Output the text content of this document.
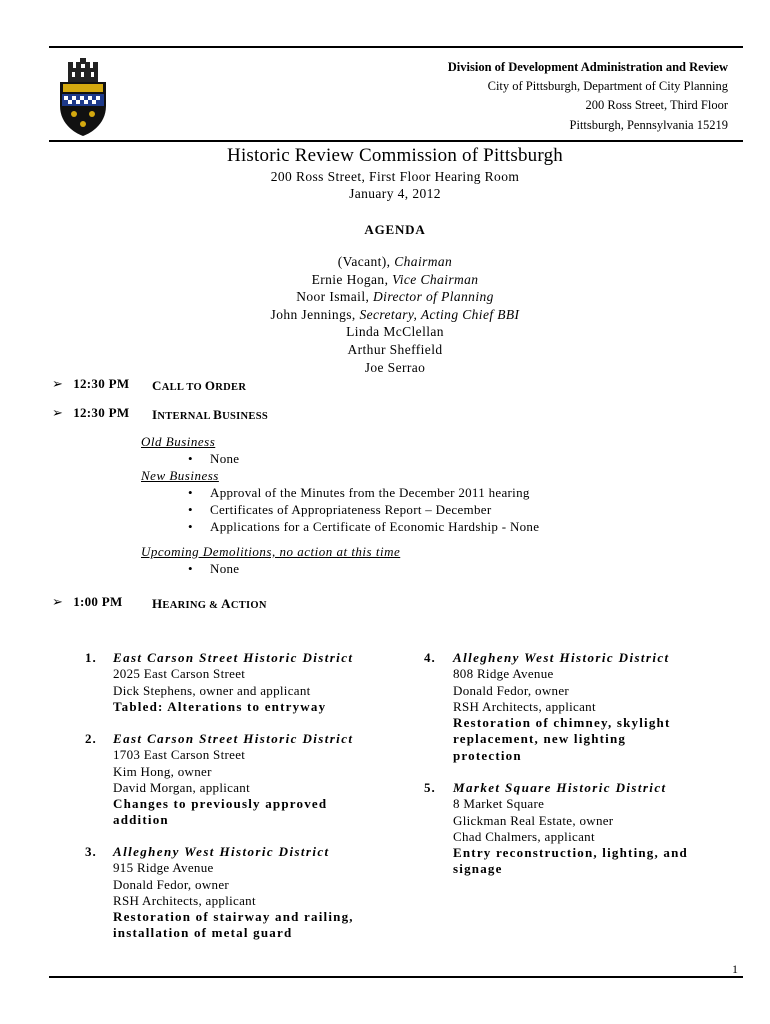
Division of Development Administration and Review
City of Pittsburgh, Department of City Planning
200 Ross Street, Third Floor
Pittsburgh, Pennsylvania 15219
Historic Review Commission of Pittsburgh
200 Ross Street, First Floor Hearing Room
January 4, 2012
AGENDA
(Vacant), Chairman
Ernie Hogan, Vice Chairman
Noor Ismail, Director of Planning
John Jennings, Secretary, Acting Chief BBI
Linda McClellan
Arthur Sheffield
Joe Serrao
➢ 12:30 PM CALL TO ORDER
➢ 12:30 PM INTERNAL BUSINESS
Old Business
• None
New Business
• Approval of the Minutes from the December 2011 hearing
• Certificates of Appropriateness Report – December
• Applications for a Certificate of Economic Hardship - None
Upcoming Demolitions, no action at this time
• None
➢ 1:00 PM HEARING & ACTION
1. East Carson Street Historic District
2025 East Carson Street
Dick Stephens, owner and applicant
Tabled: Alterations to entryway
2. East Carson Street Historic District
1703 East Carson Street
Kim Hong, owner
David Morgan, applicant
Changes to previously approved
addition
3. Allegheny West Historic District
915 Ridge Avenue
Donald Fedor, owner
RSH Architects, applicant
Restoration of stairway and railing,
installation of metal guard
4. Allegheny West Historic District
808 Ridge Avenue
Donald Fedor, owner
RSH Architects, applicant
Restoration of chimney, skylight
replacement, new lighting
protection
5. Market Square Historic District
8 Market Square
Glickman Real Estate, owner
Chad Chalmers, applicant
Entry reconstruction, lighting, and
signage
1
